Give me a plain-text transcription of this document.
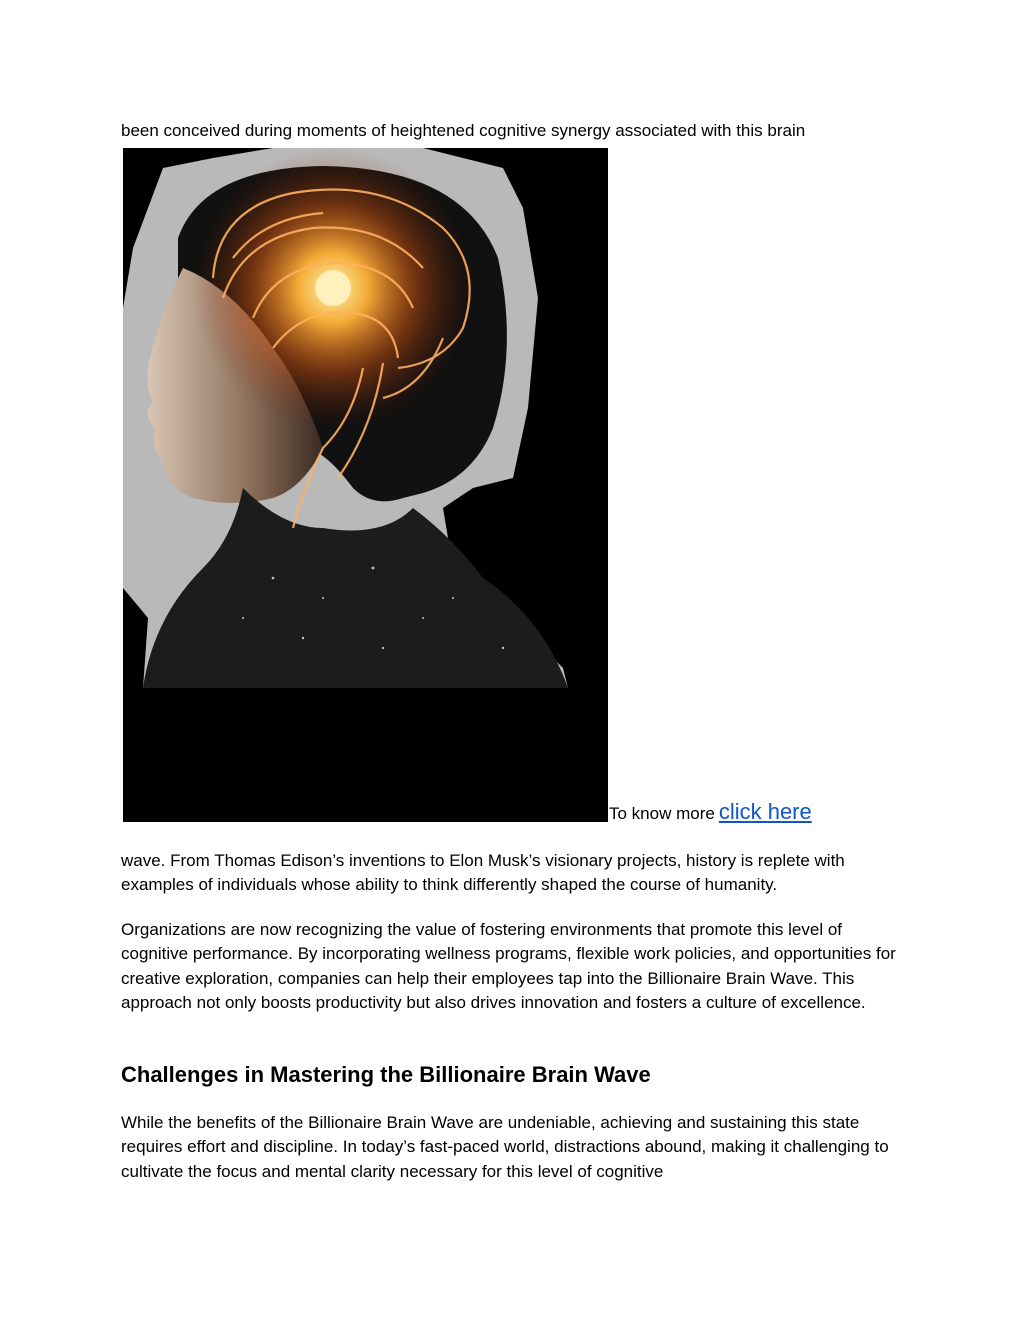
been conceived during moments of heightened cognitive synergy associated with this brain

To know more click here

wave. From Thomas Edison’s inventions to Elon Musk’s visionary projects, history is replete with examples of individuals whose ability to think differently shaped the course of humanity.

Organizations are now recognizing the value of fostering environments that promote this level of cognitive performance. By incorporating wellness programs, flexible work policies, and opportunities for creative exploration, companies can help their employees tap into the Billionaire Brain Wave. This approach not only boosts productivity but also drives innovation and fosters a culture of excellence.

Challenges in Mastering the Billionaire Brain Wave

While the benefits of the Billionaire Brain Wave are undeniable, achieving and sustaining this state requires effort and discipline. In today’s fast-paced world, distractions abound, making it challenging to cultivate the focus and mental clarity necessary for this level of cognitive
